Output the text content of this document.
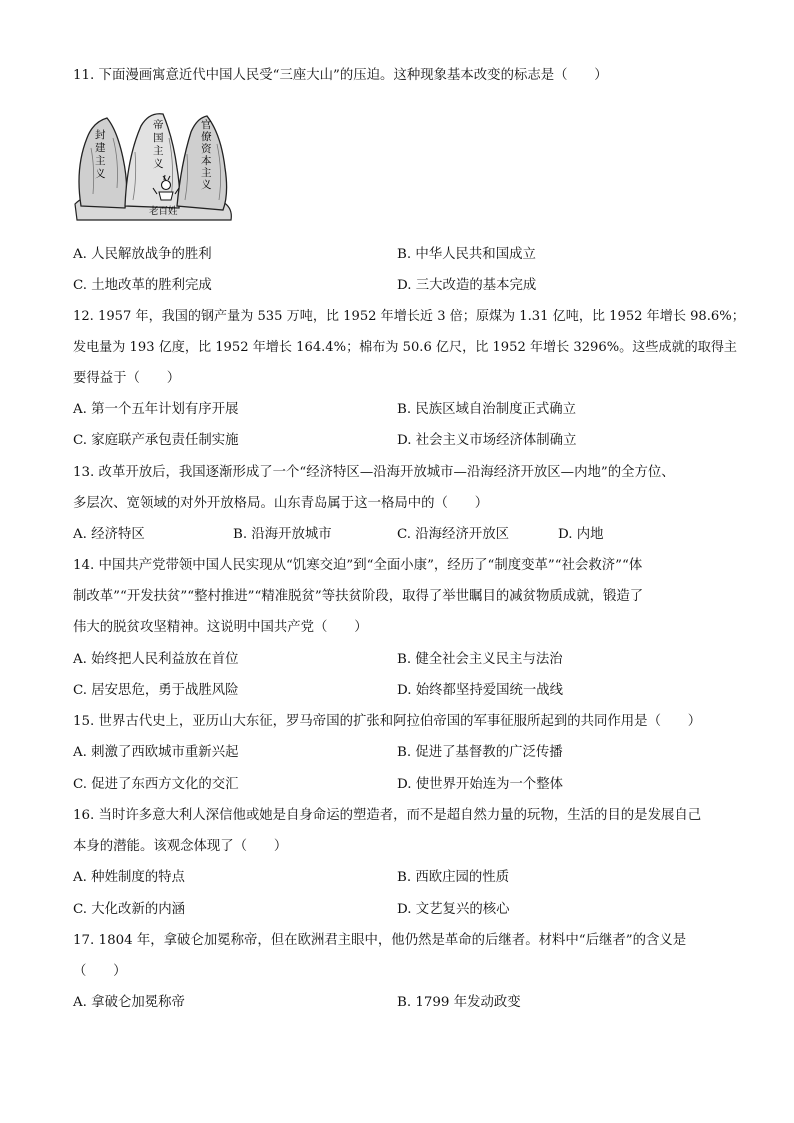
11. 下面漫画寓意近代中国人民受“三座大山”的压迫。这种现象基本改变的标志是（　　）
封建主义
帝国主义
官僚资本主义
老百姓
A. 人民解放战争的胜利	B. 中华人民共和国成立
C. 土地改革的胜利完成	D. 三大改造的基本完成
12. 1957 年，我国的钢产量为 535 万吨，比 1952 年增长近 3 倍；原煤为 1.31 亿吨，比 1952 年增长 98.6%；
发电量为 193 亿度，比 1952 年增长 164.4%；棉布为 50.6 亿尺，比 1952 年增长 3296%。这些成就的取得主
要得益于（　　）
A. 第一个五年计划有序开展	B. 民族区域自治制度正式确立
C. 家庭联产承包责任制实施	D. 社会主义市场经济体制确立
13. 改革开放后，我国逐渐形成了一个“经济特区—沿海开放城市—沿海经济开放区—内地”的全方位、
多层次、宽领域的对外开放格局。山东青岛属于这一格局中的（　　）
A. 经济特区	B. 沿海开放城市	C. 沿海经济开放区	D. 内地
14. 中国共产党带领中国人民实现从“饥寒交迫”到“全面小康”，经历了“制度变革”“社会救济”“体
制改革”“开发扶贫”“整村推进”“精准脱贫”等扶贫阶段，取得了举世瞩目的减贫物质成就，锻造了
伟大的脱贫攻坚精神。这说明中国共产党（　　）
A. 始终把人民利益放在首位	B. 健全社会主义民主与法治
C. 居安思危，勇于战胜风险	D. 始终都坚持爱国统一战线
15. 世界古代史上，亚历山大东征，罗马帝国的扩张和阿拉伯帝国的军事征服所起到的共同作用是（　　）
A. 刺激了西欧城市重新兴起	B. 促进了基督教的广泛传播
C. 促进了东西方文化的交汇	D. 使世界开始连为一个整体
16. 当时许多意大利人深信他或她是自身命运的塑造者，而不是超自然力量的玩物，生活的目的是发展自己
本身的潜能。该观念体现了（　　）
A. 种姓制度的特点	B. 西欧庄园的性质
C. 大化改新的内涵	D. 文艺复兴的核心
17. 1804 年，拿破仑加冕称帝，但在欧洲君主眼中，他仍然是革命的后继者。材料中“后继者”的含义是
（　　）
A. 拿破仑加冕称帝	B. 1799 年发动政变
